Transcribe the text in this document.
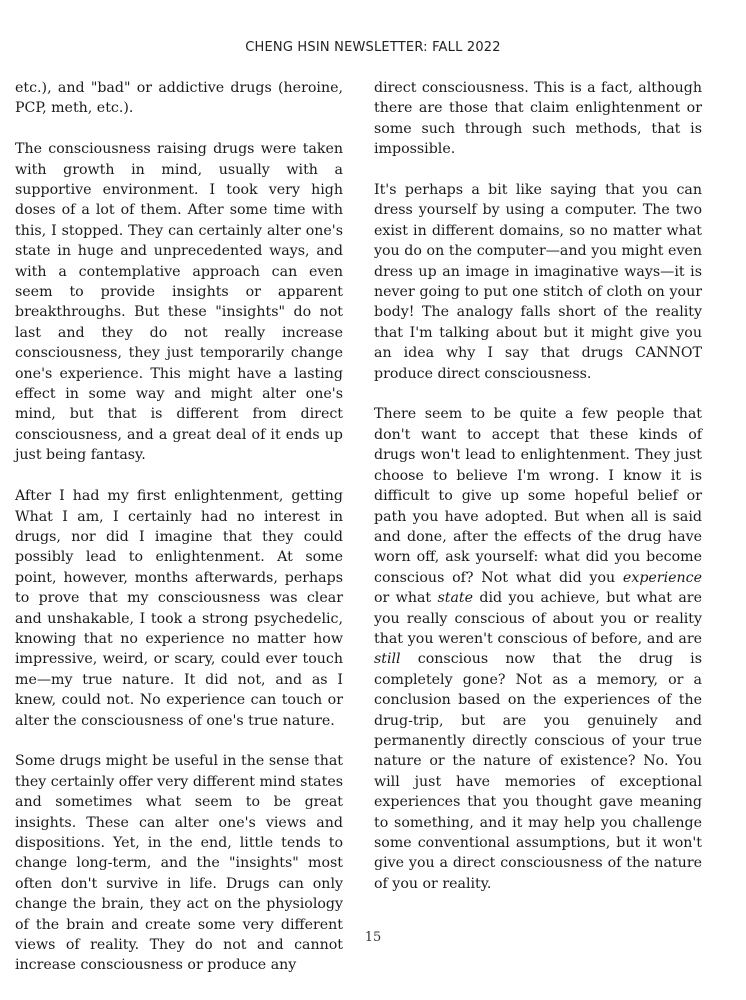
CHENG HSIN NEWSLETTER: FALL 2022

etc.), and "bad" or addictive drugs (heroine, PCP, meth, etc.).

The consciousness raising drugs were taken with growth in mind, usually with a supportive environment. I took very high doses of a lot of them. After some time with this, I stopped. They can certainly alter one's state in huge and unprecedented ways, and with a contemplative approach can even seem to provide insights or apparent breakthroughs. But these "insights" do not last and they do not really increase consciousness, they just temporarily change one's experience. This might have a lasting effect in some way and might alter one's mind, but that is different from direct consciousness, and a great deal of it ends up just being fantasy.

After I had my first enlightenment, getting What I am, I certainly had no interest in drugs, nor did I imagine that they could possibly lead to enlightenment. At some point, however, months afterwards, perhaps to prove that my consciousness was clear and unshakable, I took a strong psychedelic, knowing that no experience no matter how impressive, weird, or scary, could ever touch me—my true nature. It did not, and as I knew, could not. No experience can touch or alter the consciousness of one's true nature.

Some drugs might be useful in the sense that they certainly offer very different mind states and sometimes what seem to be great insights. These can alter one's views and dispositions. Yet, in the end, little tends to change long-term, and the "insights" most often don't survive in life. Drugs can only change the brain, they act on the physiology of the brain and create some very different views of reality. They do not and cannot increase consciousness or produce any

direct consciousness. This is a fact, although there are those that claim enlightenment or some such through such methods, that is impossible.

It's perhaps a bit like saying that you can dress yourself by using a computer. The two exist in different domains, so no matter what you do on the computer—and you might even dress up an image in imaginative ways—it is never going to put one stitch of cloth on your body! The analogy falls short of the reality that I'm talking about but it might give you an idea why I say that drugs CANNOT produce direct consciousness.

There seem to be quite a few people that don't want to accept that these kinds of drugs won't lead to enlightenment. They just choose to believe I'm wrong. I know it is difficult to give up some hopeful belief or path you have adopted. But when all is said and done, after the effects of the drug have worn off, ask yourself: what did you become conscious of? Not what did you experience or what state did you achieve, but what are you really conscious of about you or reality that you weren't conscious of before, and are still conscious now that the drug is completely gone? Not as a memory, or a conclusion based on the experiences of the drug-trip, but are you genuinely and permanently directly conscious of your true nature or the nature of existence? No. You will just have memories of exceptional experiences that you thought gave meaning to something, and it may help you challenge some conventional assumptions, but it won't give you a direct consciousness of the nature of you or reality.

15
